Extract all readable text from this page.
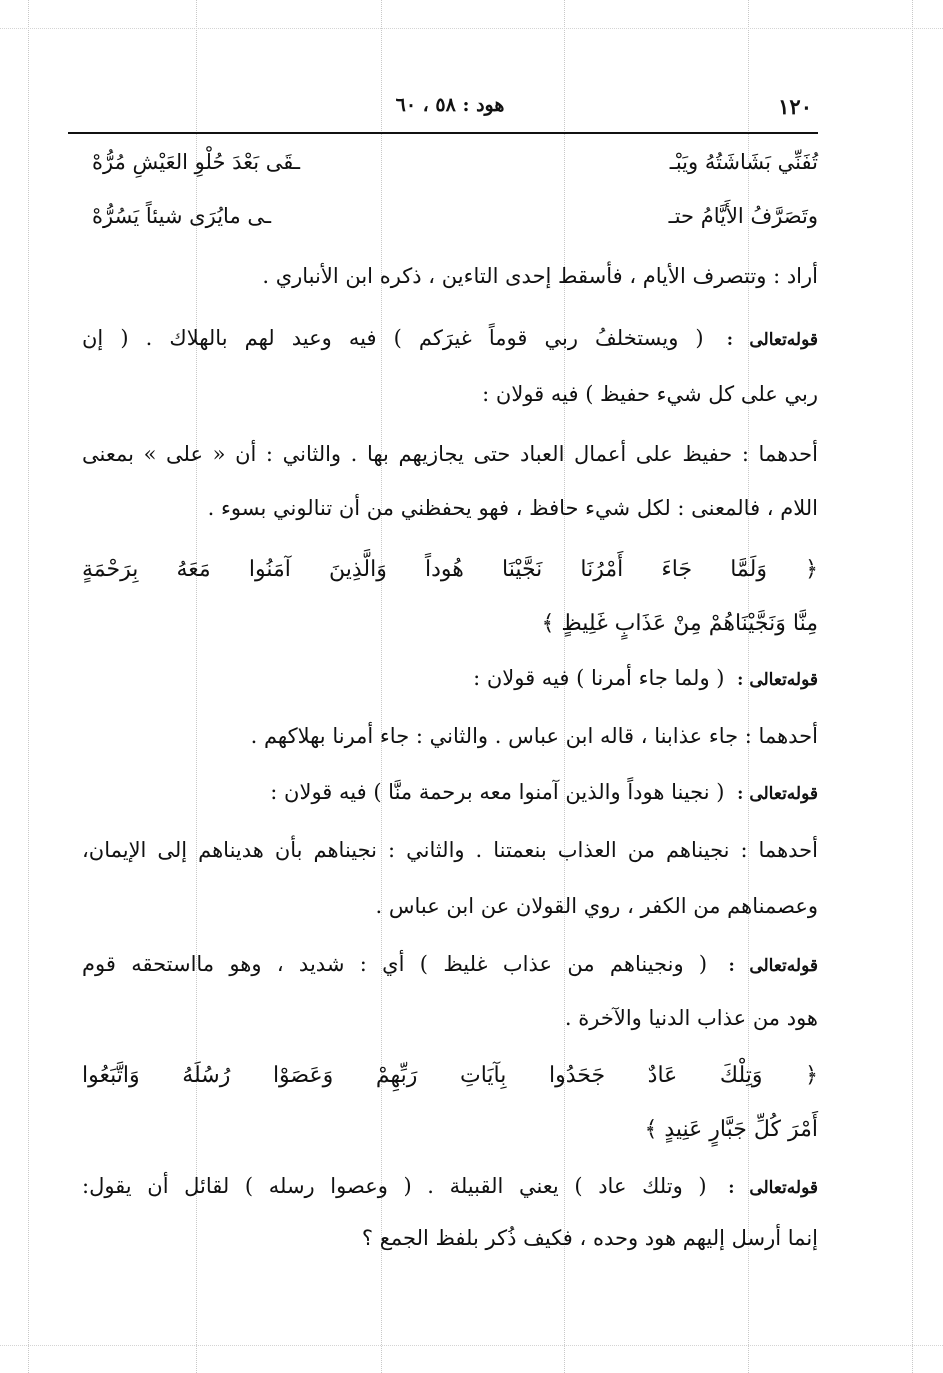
١٢٠
هود : ٥٨ ، ٦٠
تُفَنِّي بَشَاشَتُهُ ويَبْـ
ـقَى بَعْدَ حُلْوِ العَيْشِ مُرُّهْ
وتَصَرَّفُ الأَيَّامُ حتـ
ـى مايُرَى شيئاً يَسُرُّهْ
أراد : وتتصرف الأيام ، فأسقط إحدى التاءين ، ذكره ابن الأنباري .
قوله‌تعالى : ( ويستخلفُ ربي قوماً غيرَكم ) فيه وعيد لهم بالهلاك . ( إن
ربي على كل شيء حفيظ ) فيه قولان :
أحدهما : حفيظ على أعمال العباد حتى يجازيهم بها . والثاني : أن « على » بمعنى
اللام ، فالمعنى : لكل شيء حافظ ، فهو يحفظني من أن تنالوني بسوء .
﴿ وَلَمَّا جَاءَ أَمْرُنَا نَجَّيْنَا هُوداً وَالَّذِينَ آمَنُوا مَعَهُ بِرَحْمَةٍ
مِنَّا وَنَجَّيْنَاهُمْ مِنْ عَذَابٍ غَلِيظٍ ﴾
قوله‌تعالى : ( ولما جاء أمرنا ) فيه قولان :
أحدهما : جاء عذابنا ، قاله ابن عباس . والثاني : جاء أمرنا بهلاكهم .
قوله‌تعالى : ( نجينا هوداً والذين آمنوا معه برحمة منَّا ) فيه قولان :
أحدهما : نجيناهم من العذاب بنعمتنا . والثاني : نجيناهم بأن هديناهم إلى الإيمان،
وعصمناهم من الكفر ، روي القولان عن ابن عباس .
قوله‌تعالى : ( ونجيناهم من عذاب غليظ ) أي : شديد ، وهو مااستحقه قوم
هود من عذاب الدنيا والآخرة .
﴿ وَتِلْكَ عَادٌ جَحَدُوا بِآيَاتِ رَبِّهِمْ وَعَصَوْا رُسُلَهُ وَاتَّبَعُوا
أَمْرَ كُلِّ جَبَّارٍ عَنِيدٍ ﴾
قوله‌تعالى : ( وتلك عاد ) يعني القبيلة . ( وعصوا رسله ) لقائل أن يقول:
إنما أرسل إليهم هود وحده ، فكيف ذُكر بلفظ الجمع ؟
